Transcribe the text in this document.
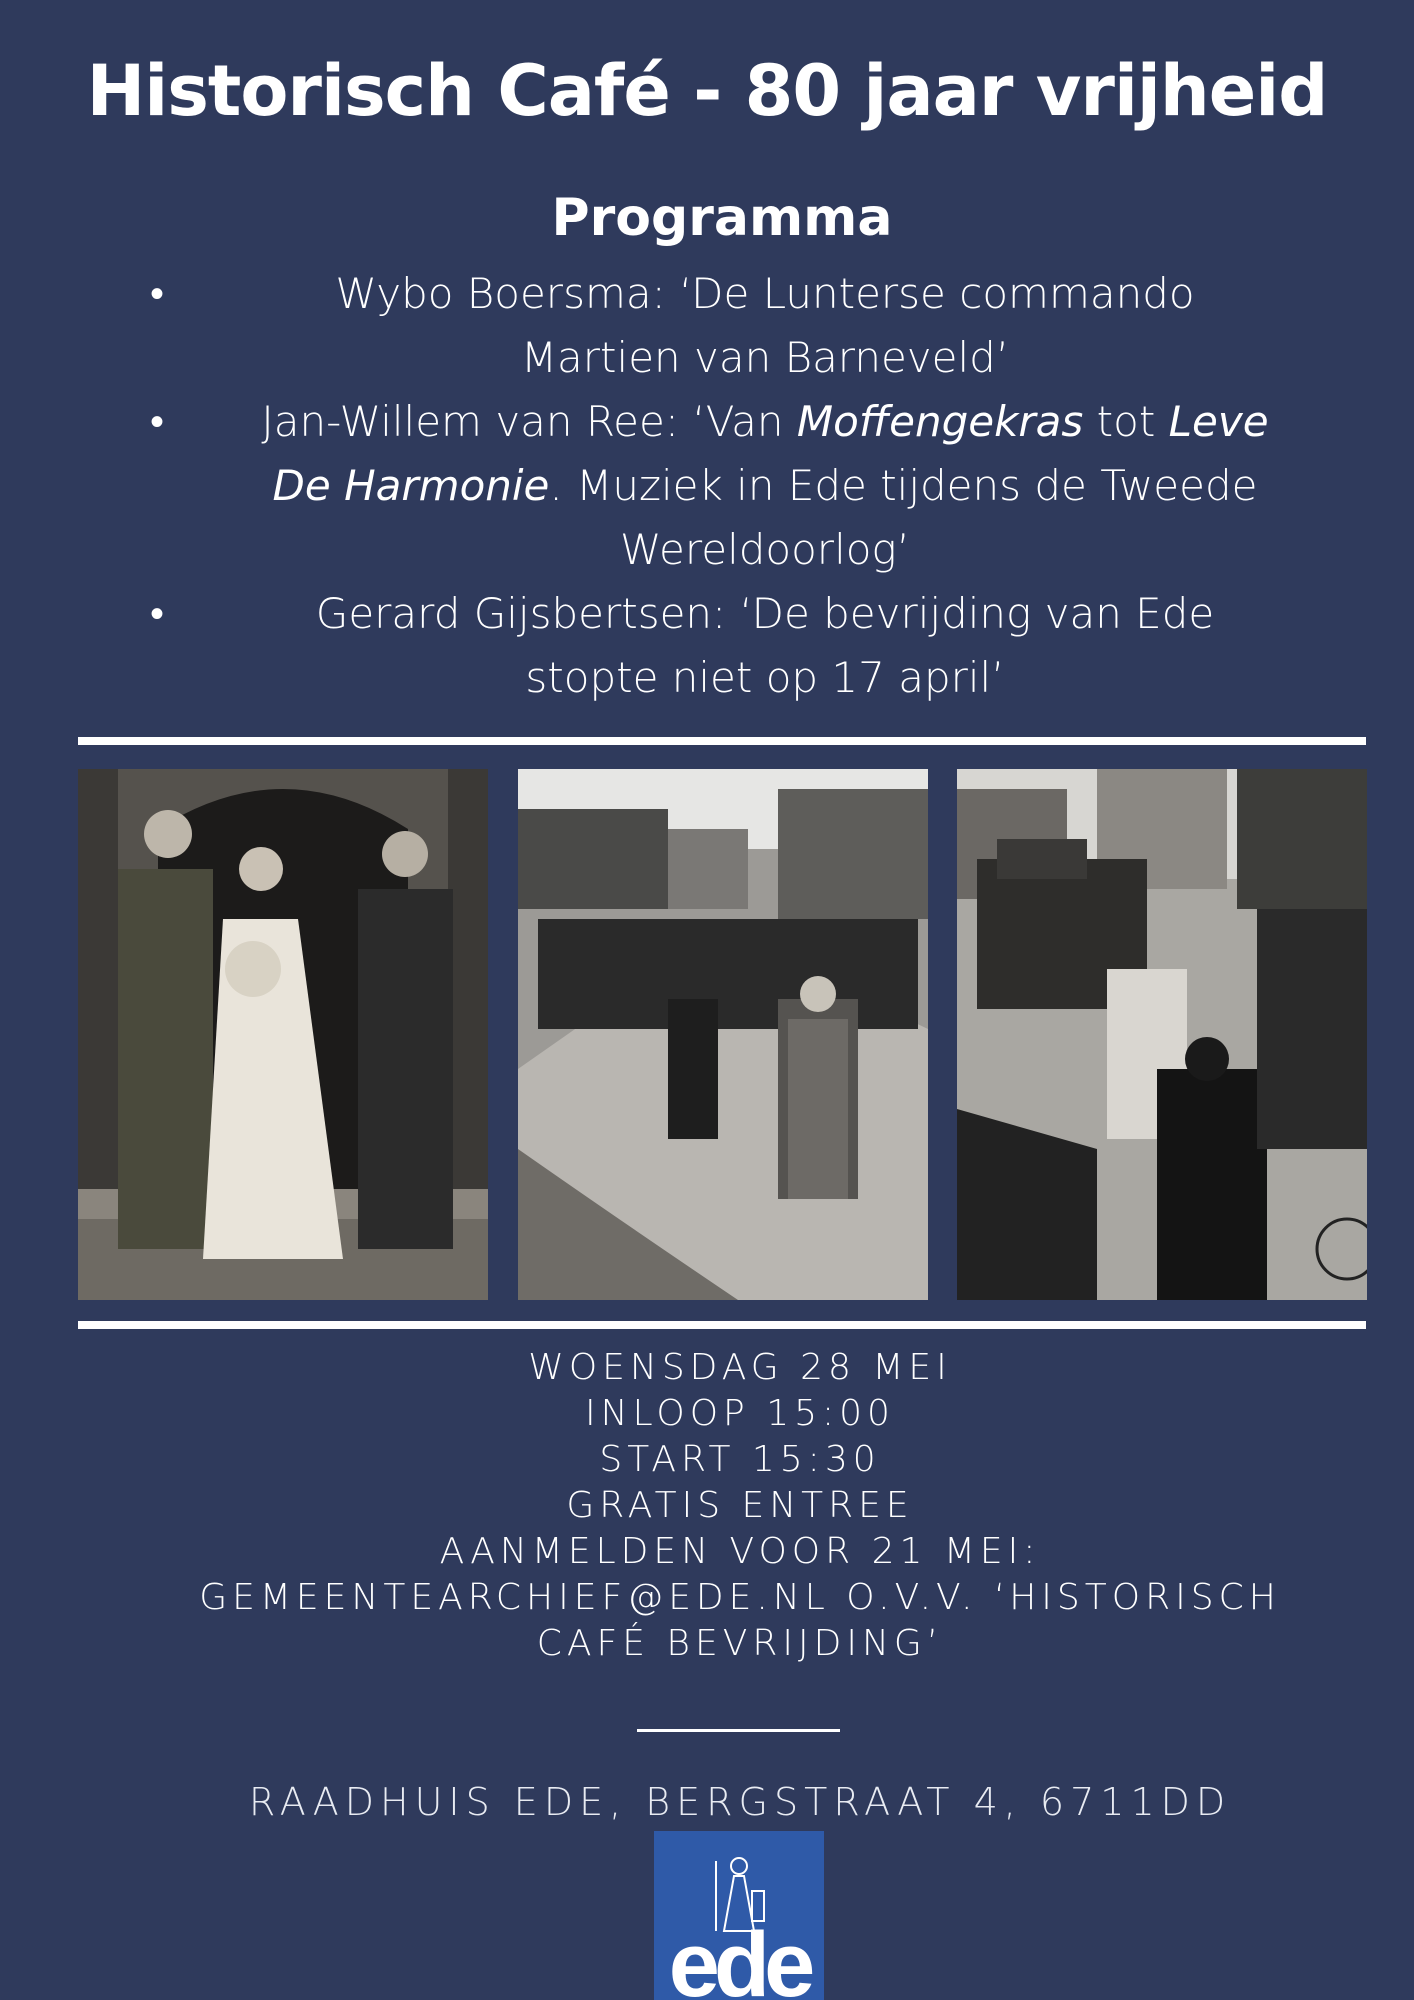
Historisch Café - 80 jaar vrijheid
Programma
•	Wybo Boersma: ‘De Lunterse commando
Martien van Barneveld’
• Jan-Willem van Ree: ‘Van Moffengekras tot Leve
De Harmonie. Muziek in Ede tijdens de Tweede
Wereldoorlog’
•	Gerard Gijsbertsen: ‘De bevrijding van Ede
stopte niet op 17 april’
WOENSDAG 28 MEI
INLOOP 15:00
START 15:30
GRATIS ENTREE
AANMELDEN VOOR 21 MEI:
GEMEENTEARCHIEF@EDE.NL O.V.V. ‘HISTORISCH
CAFÉ BEVRIJDING’
RAADHUIS EDE, BERGSTRAAT 4, 6711DD
ede
